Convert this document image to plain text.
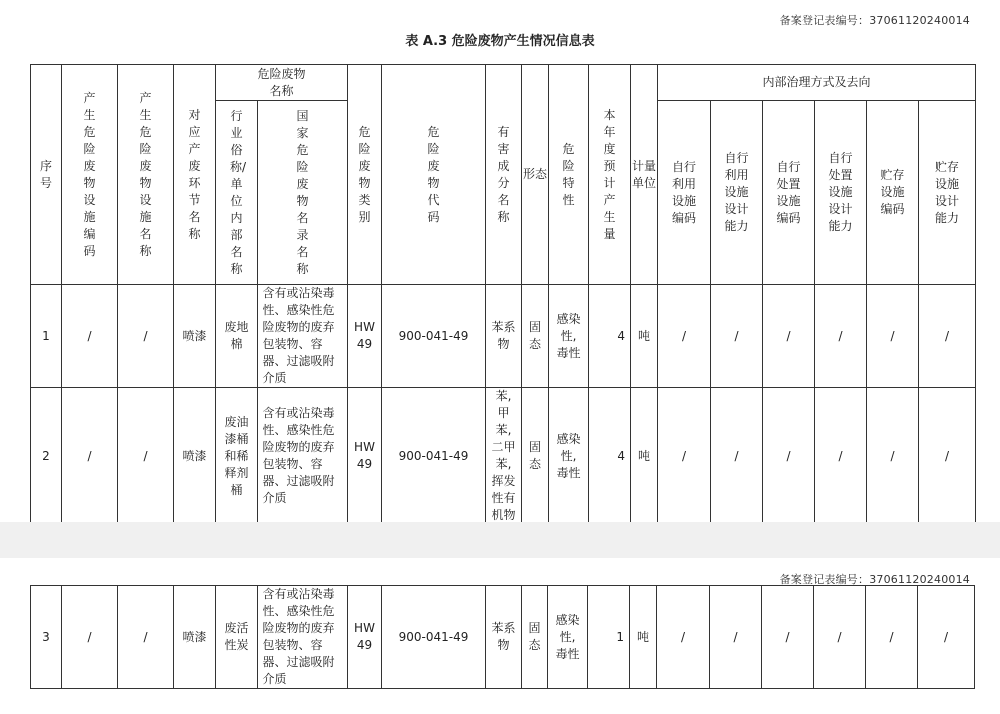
备案登记表编号：37061120240014
表 A.3 危险废物产生情况信息表
序号	产生危险废物设施编码	产生危险废物设施名称	对应产废环节名称	危险废物名称		危险废物类别	危险废物代码	有害成分名称	形态	危险特性	本年度预计产生量	计量单位	内部治理方式及去向					
				行业俗称/单位内部名称	国家危险废物名录名称								自行利用设施编码	自行利用设施设计能力	自行处置设施编码	自行处置设施设计能力	贮存设施编码	贮存设施设计能力
1	/	/	喷漆	废地棉	含有或沾染毒性、感染性危险废物的废弃包装物、容器、过滤吸附介质	HW49	900-041-49	苯系物	固态	感染性,毒性	4	吨	/	/	/	/	/	/
2	/	/	喷漆	废油漆桶和稀释剂桶	含有或沾染毒性、感染性危险废物的废弃包装物、容器、过滤吸附介质	HW49	900-041-49	苯,甲苯,二甲苯,挥发性有机物	固态	感染性,毒性	4	吨	/	/	/	/	/	/
备案登记表编号：37061120240014
3	/	/	喷漆	废活性炭	含有或沾染毒性、感染性危险废物的废弃包装物、容器、过滤吸附介质	HW49	900-041-49	苯系物	固态	感染性,毒性	1	吨	/	/	/	/	/	/
